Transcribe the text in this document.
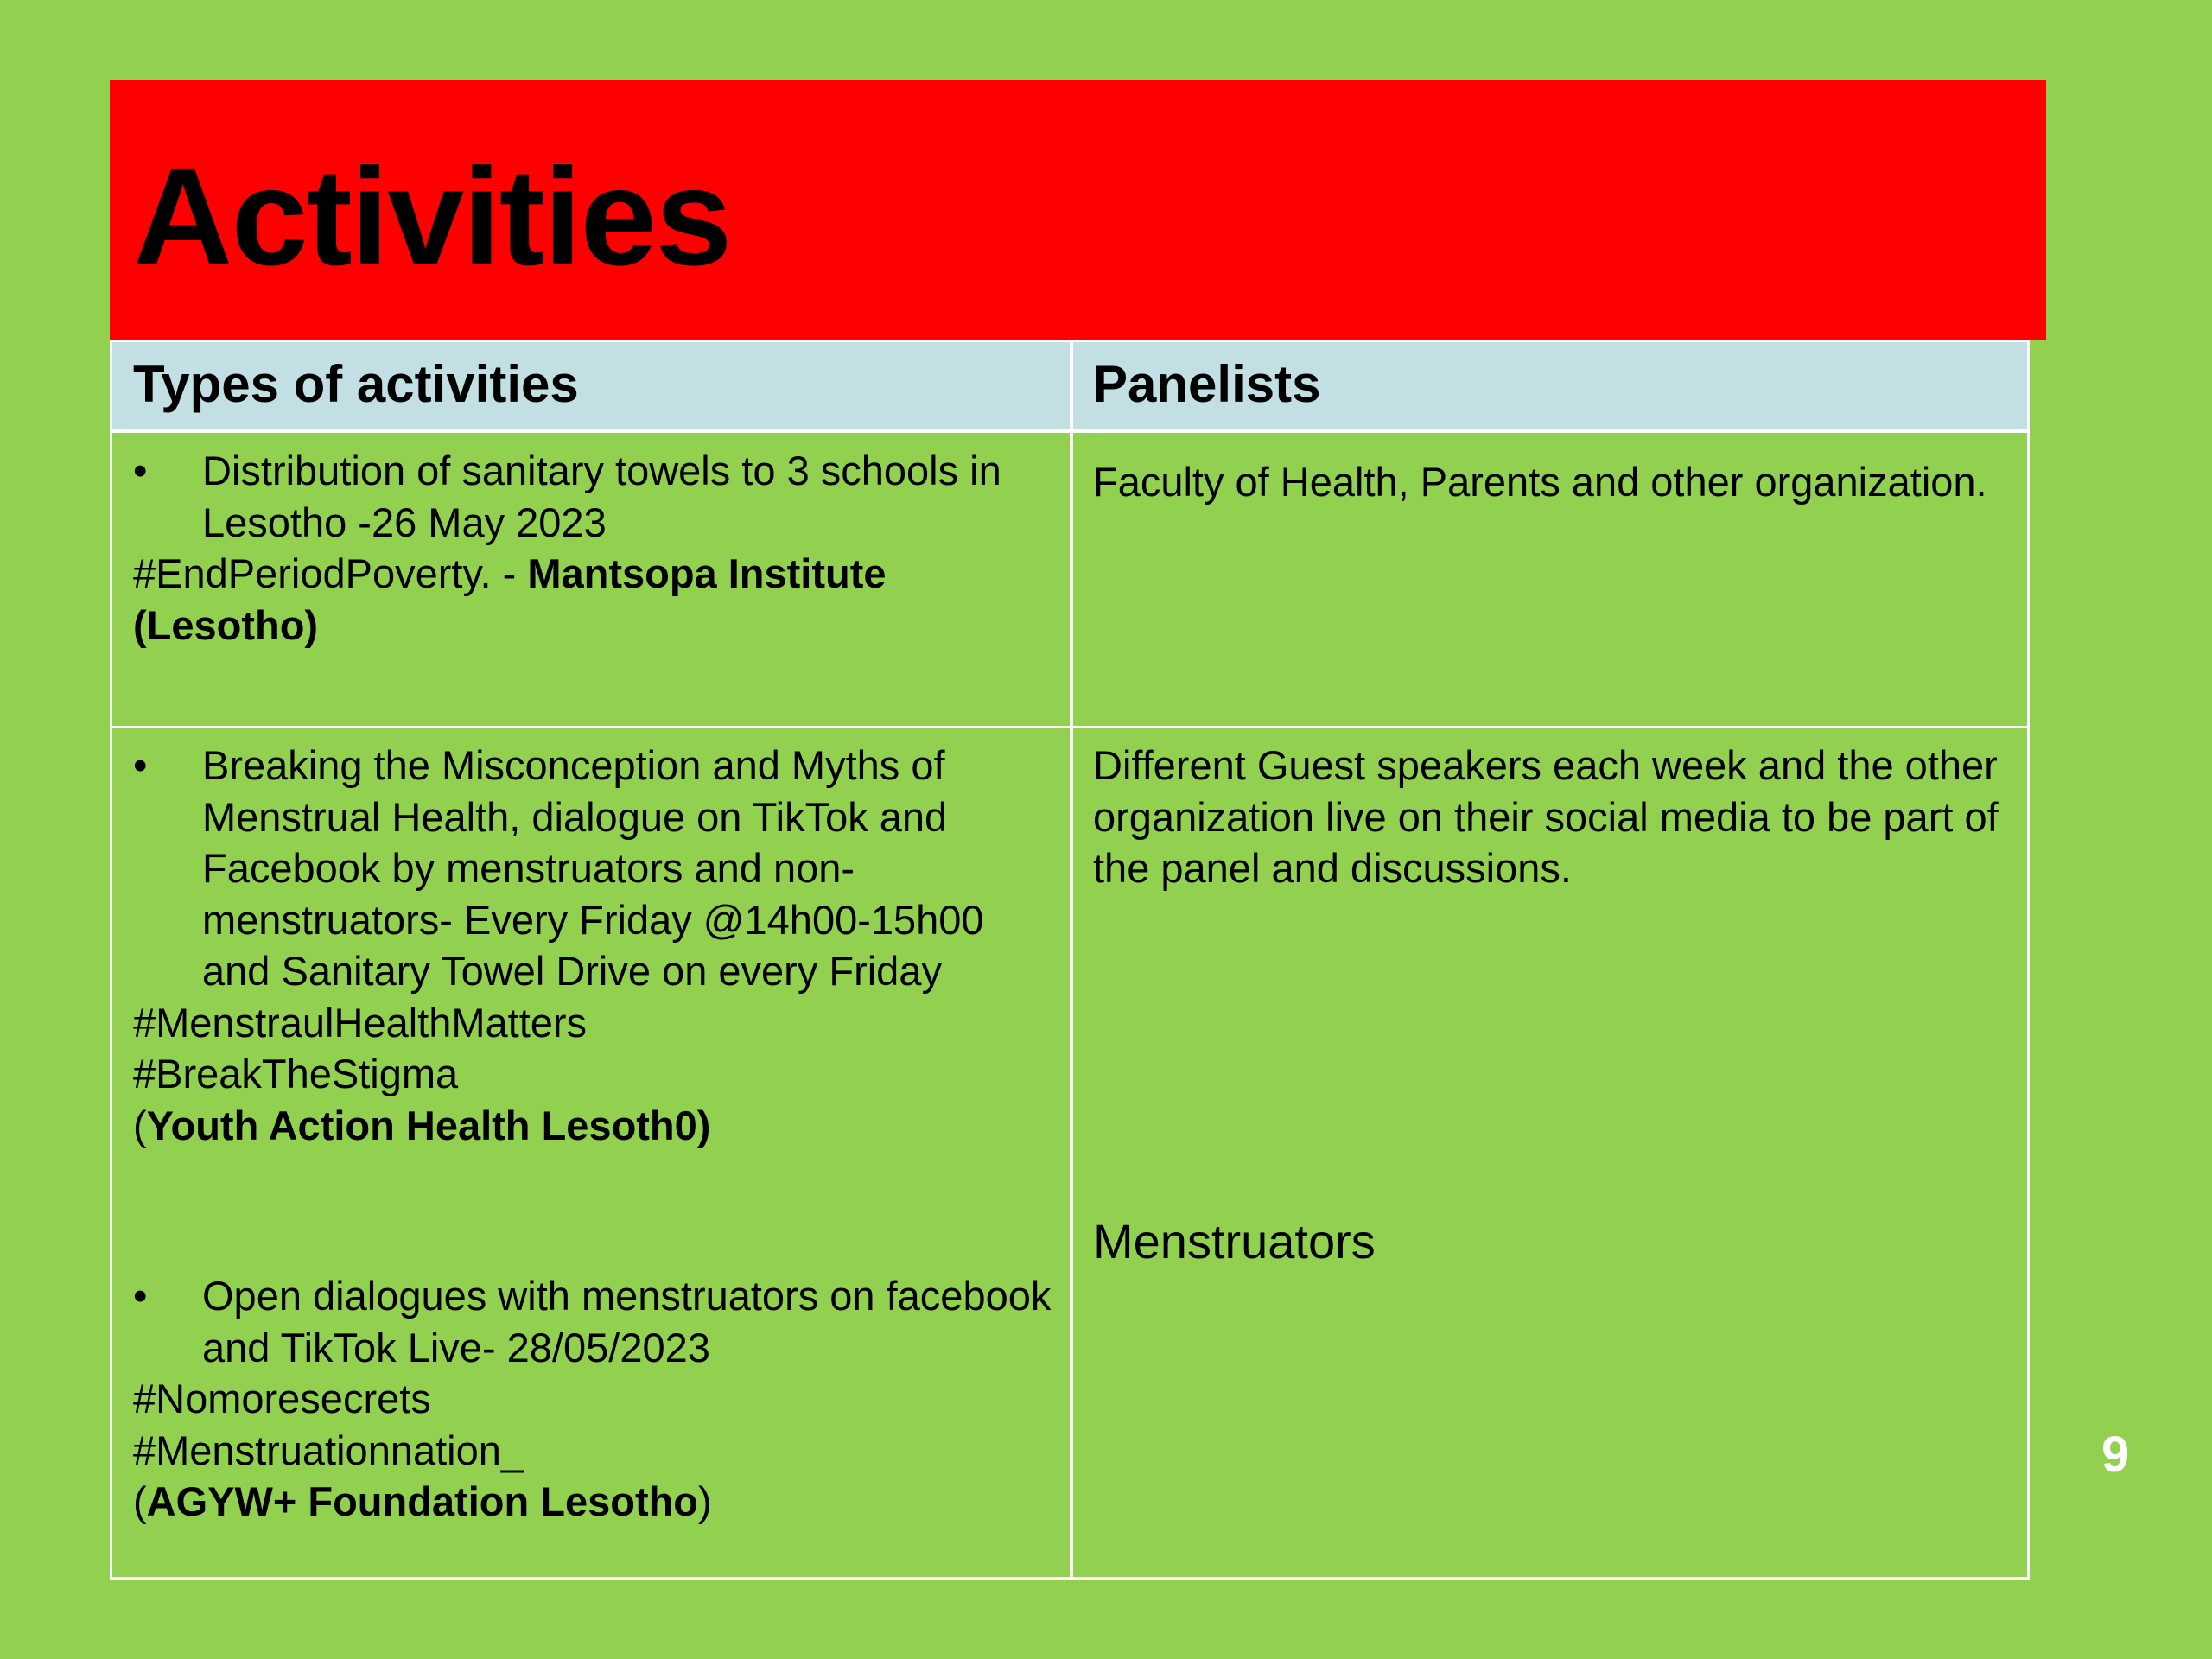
Activities
Types of activities	Panelists
• Distribution of sanitary towels to 3 schools in Lesotho -26 May 2023
#EndPeriodPoverty. - Mantsopa Institute
(Lesotho)
Faculty of Health, Parents and other organization.
• Breaking the Misconception and Myths of Menstrual Health, dialogue on TikTok and Facebook by menstruators and non-menstruators- Every Friday @14h00-15h00 and Sanitary Towel Drive on every Friday
#MenstraulHealthMatters
#BreakTheStigma
(Youth Action Health Lesoth0)
Different Guest speakers each week and the other organization live on their social media to be part of the panel and discussions.
• Open dialogues with menstruators on facebook and TikTok Live- 28/05/2023
#Nomoresecrets
#Menstruationnation_
(AGYW+ Foundation Lesotho)
Menstruators
9
